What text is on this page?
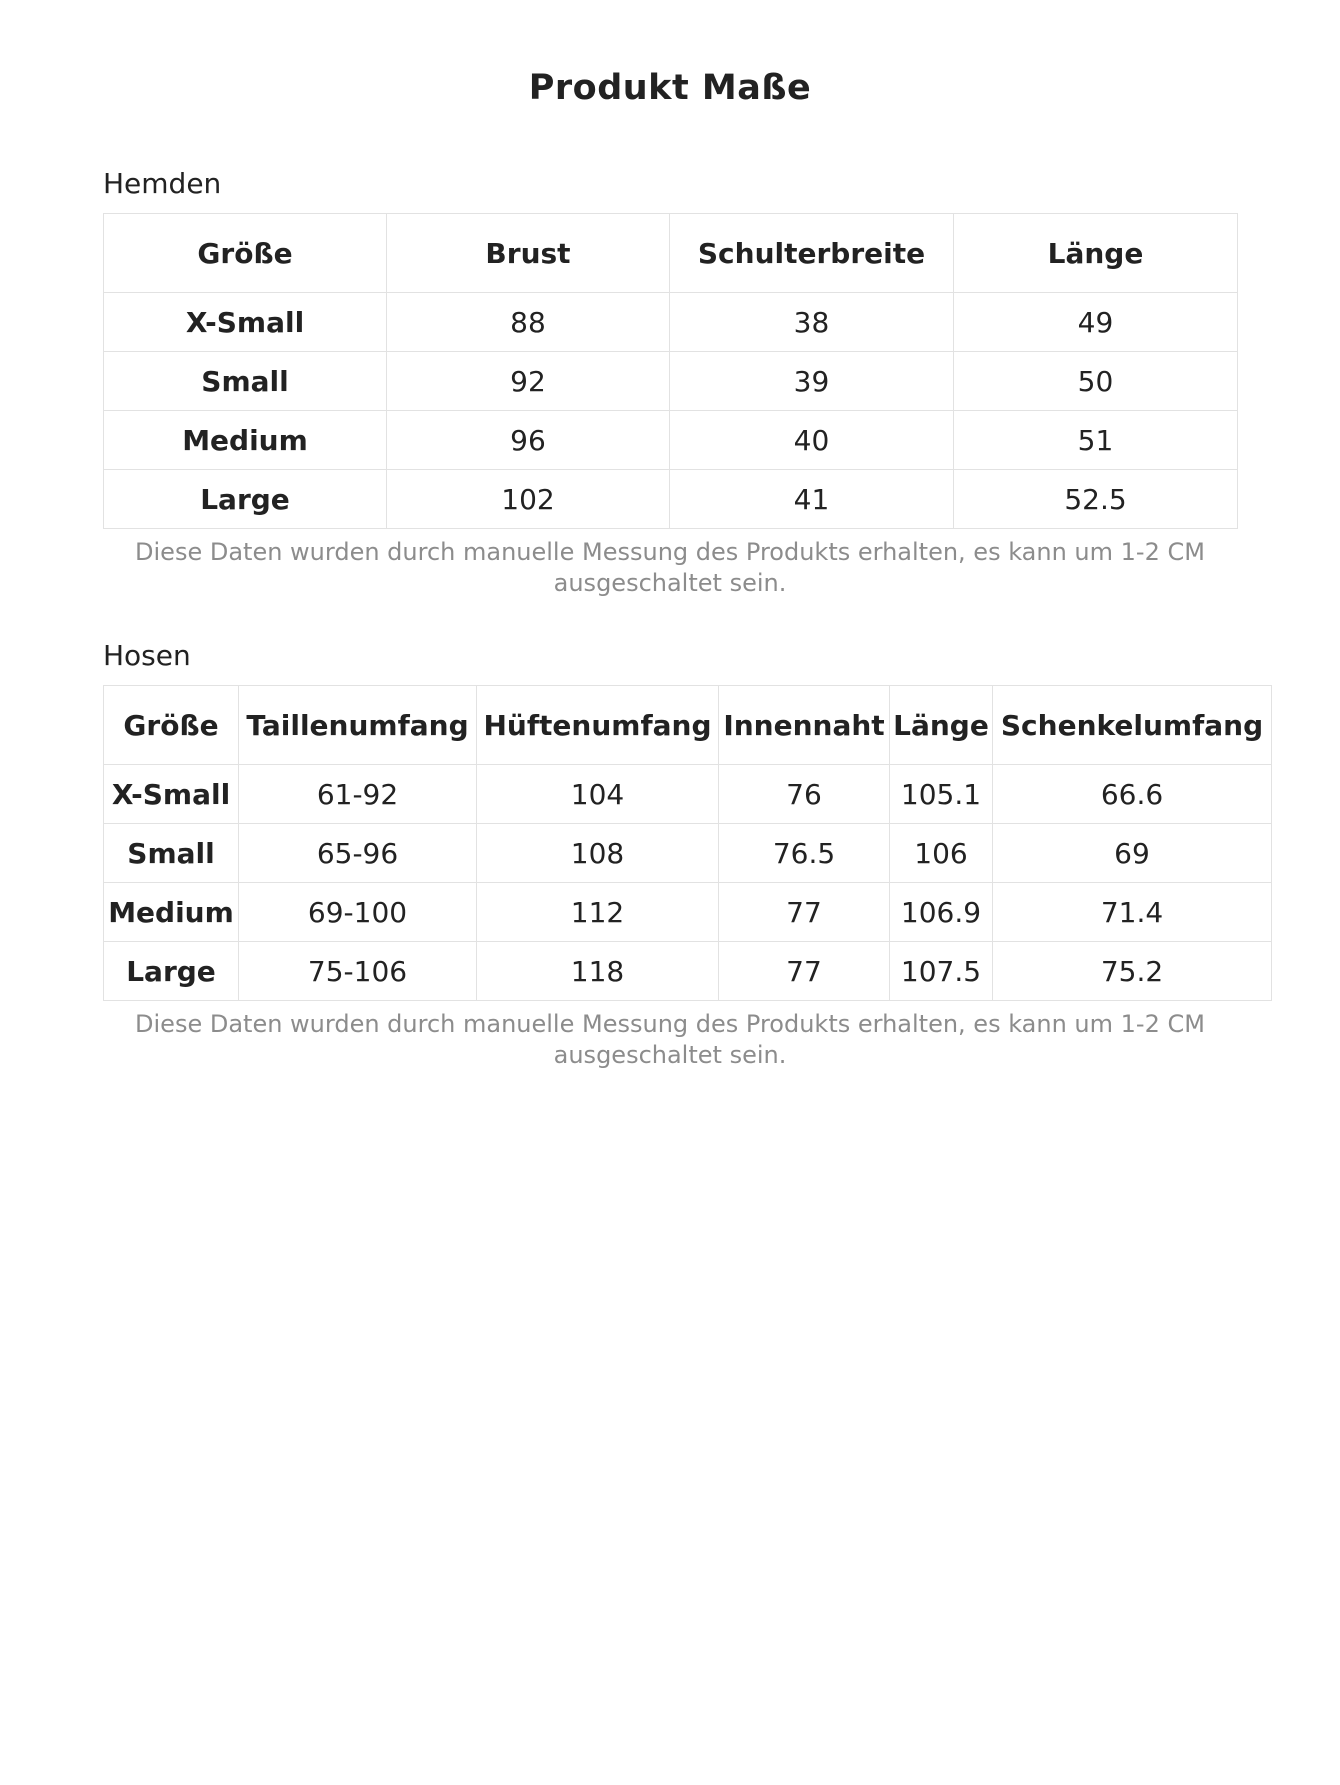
Produkt Maße
Hemden
Größe	Brust	Schulterbreite	Länge
X-Small	88	38	49
Small	92	39	50
Medium	96	40	51
Large	102	41	52.5

Diese Daten wurden durch manuelle Messung des Produkts erhalten, es kann um 1-2 CM
ausgeschaltet sein.

Hosen
Größe	Taillenumfang	Hüftenumfang	Innennaht	Länge	Schenkelumfang
X-Small	61-92	104	76	105.1	66.6
Small	65-96	108	76.5	106	69
Medium	69-100	112	77	106.9	71.4
Large	75-106	118	77	107.5	75.2

Diese Daten wurden durch manuelle Messung des Produkts erhalten, es kann um 1-2 CM
ausgeschaltet sein.
